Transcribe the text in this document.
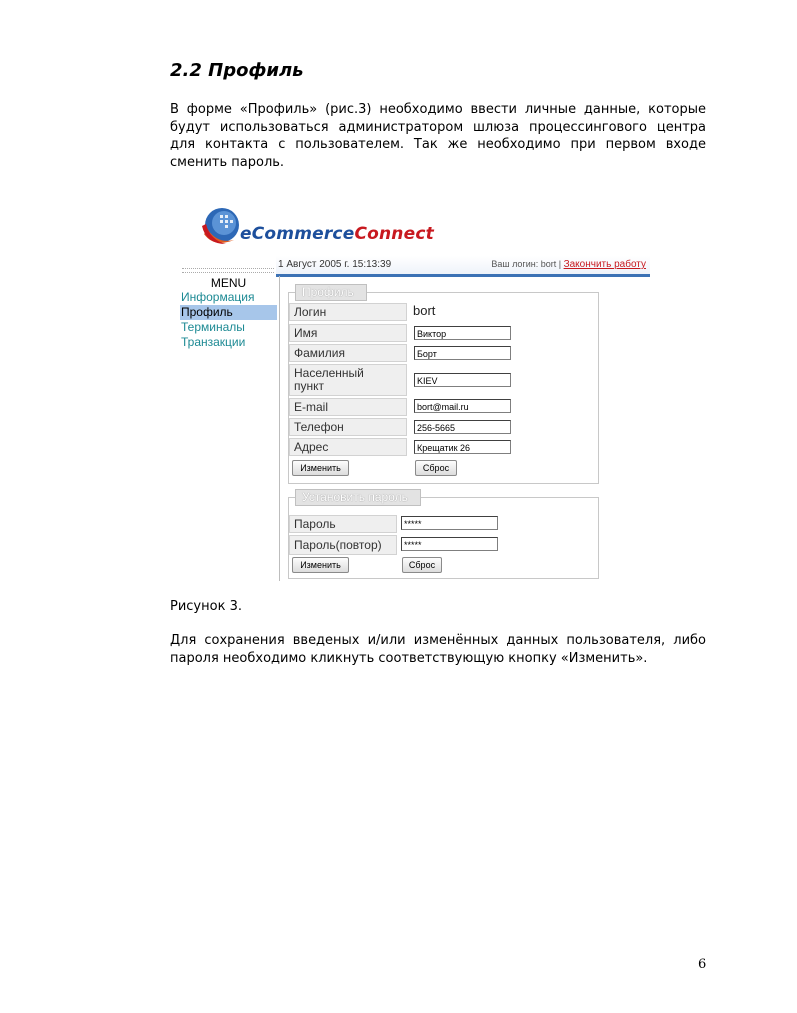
2.2 Профиль

В форме «Профиль» (рис.3) необходимо ввести личные данные, которые будут использоваться администратором шлюза процессингового центра для контакта с пользователем. Так же необходимо при первом входе сменить пароль.

eCommerceConnect
1 Август 2005 г. 15:13:39	Ваш логин: bort | Закончить работу
MENU
Информация
Профиль
Терминалы
Транзакции
Профиль
Логин	bort
Имя	Виктор
Фамилия	Борт
Населенный
пункт	KIEV
E-mail	bort@mail.ru
Телефон	256-5665
Адрес	Крещатик 26
Изменить	Сброс
Установить пароль
Пароль	*****
Пароль(повтор)	*****
Изменить	Сброс

Рисунок 3.

Для сохранения введеных и/или изменённых данных пользователя, либо пароля необходимо кликнуть соответствующую кнопку «Изменить».

6
